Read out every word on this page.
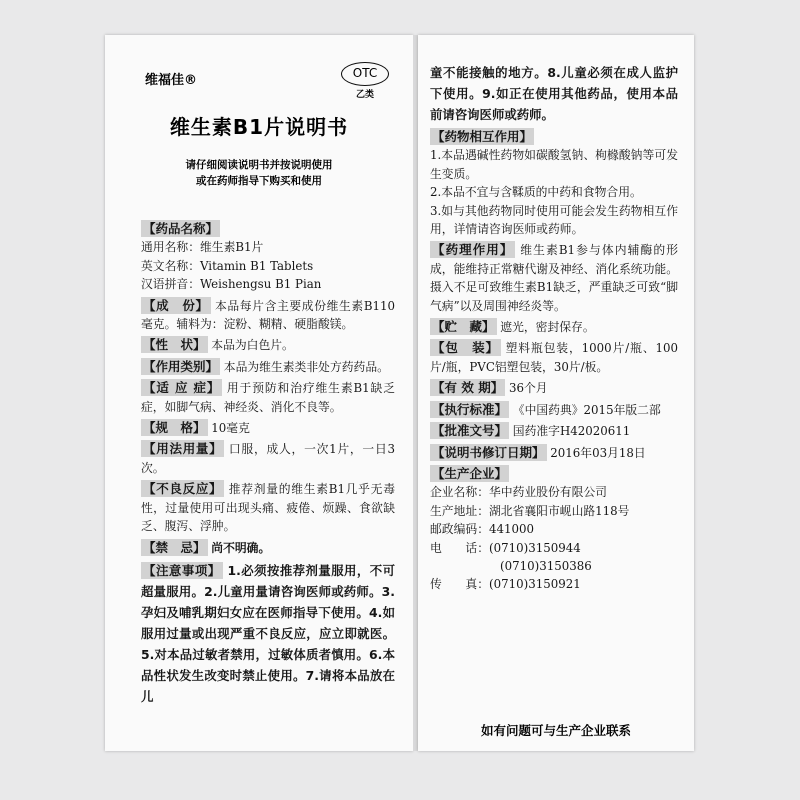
维福佳®	OTC
乙类
维生素B1片说明书
请仔细阅读说明书并按说明使用
或在药师指导下购买和使用
【药品名称】
通用名称：维生素B1片
英文名称：Vitamin B1 Tablets
汉语拼音：Weishengsu B1 Pian
【成　份】 本品每片含主要成份维生素B110毫克。辅料为：淀粉、糊精、硬脂酸镁。
【性　状】 本品为白色片。
【作用类别】 本品为维生素类非处方药药品。
【适 应 症】 用于预防和治疗维生素B1缺乏症，如脚气病、神经炎、消化不良等。
【规　格】 10毫克
【用法用量】 口服，成人，一次1片，一日3次。
【不良反应】 推荐剂量的维生素B1几乎无毒性，过量使用可出现头痛、疲倦、烦躁、食欲缺乏、腹泻、浮肿。
【禁　忌】 尚不明确。
【注意事项】 1.必须按推荐剂量服用，不可超量服用。2.儿童用量请咨询医师或药师。3.孕妇及哺乳期妇女应在医师指导下使用。4.如服用过量或出现严重不良反应，应立即就医。5.对本品过敏者禁用，过敏体质者慎用。6.本品性状发生改变时禁止使用。7.请将本品放在儿
童不能接触的地方。8.儿童必须在成人监护下使用。9.如正在使用其他药品，使用本品前请咨询医师或药师。
【药物相互作用】
1.本品遇碱性药物如碳酸氢钠、枸橼酸钠等可发生变质。
2.本品不宜与含鞣质的中药和食物合用。
3.如与其他药物同时使用可能会发生药物相互作用，详情请咨询医师或药师。
【药理作用】 维生素B1参与体内辅酶的形成，能维持正常糖代谢及神经、消化系统功能。摄入不足可致维生素B1缺乏，严重缺乏可致“脚气病”以及周围神经炎等。
【贮　藏】 遮光，密封保存。
【包　装】 塑料瓶包装，1000片/瓶、100片/瓶，PVC铝塑包装，30片/板。
【有 效 期】 36个月
【执行标准】 《中国药典》2015年版二部
【批准文号】 国药准字H42020611
【说明书修订日期】 2016年03月18日
【生产企业】
企业名称：华中药业股份有限公司
生产地址：湖北省襄阳市岘山路118号
邮政编码：441000
电　　话：(0710)3150944
(0710)3150386
传　　真：(0710)3150921
如有问题可与生产企业联系
